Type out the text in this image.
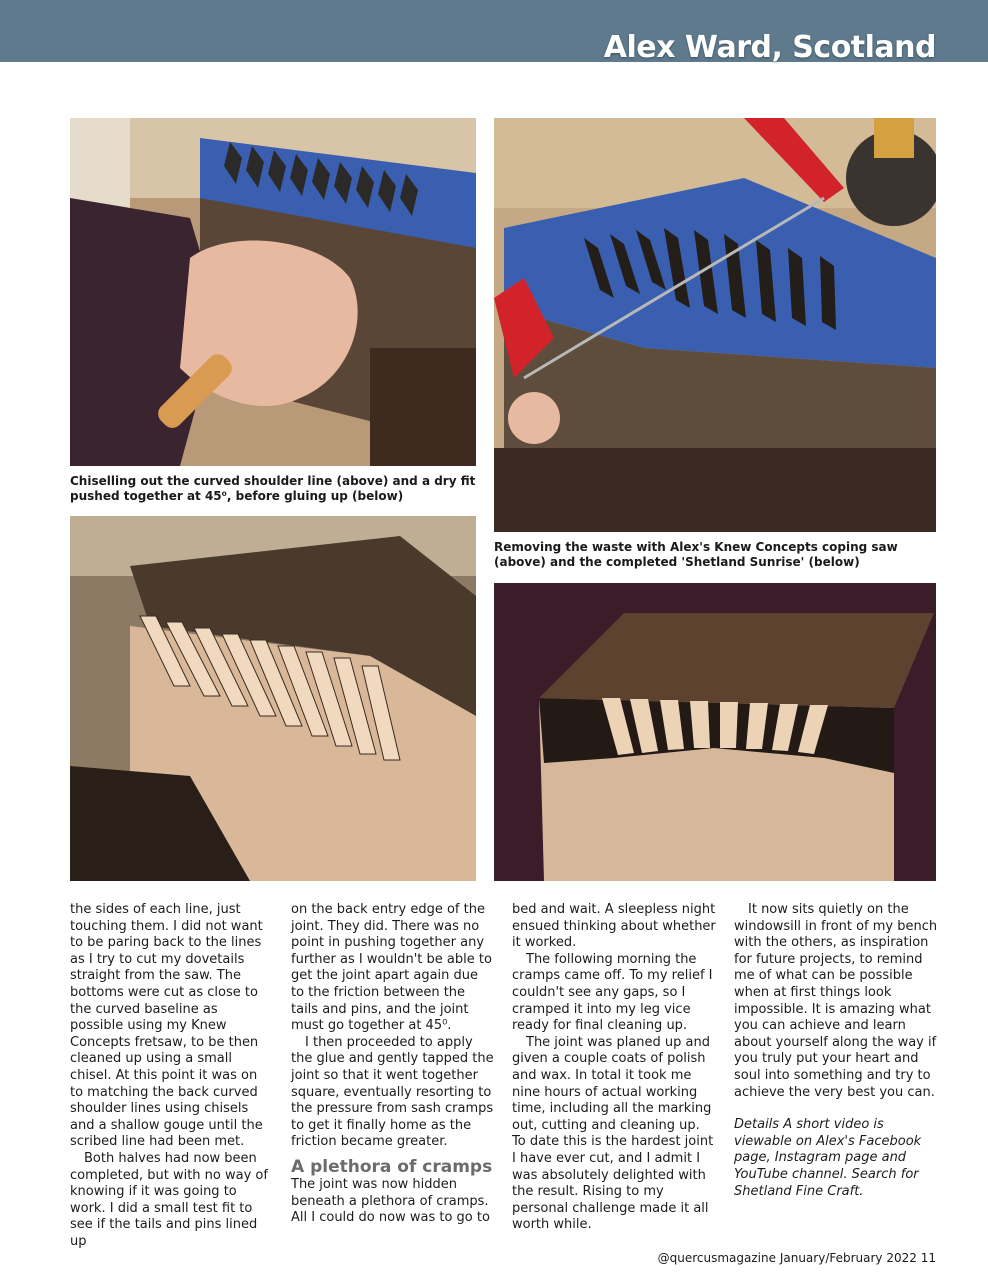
Alex Ward, Scotland
Chiselling out the curved shoulder line (above) and a dry fit pushed together at 45⁰, before gluing up (below)
Removing the waste with Alex's Knew Concepts coping saw (above) and the completed 'Shetland Sunrise' (below)

the sides of each line, just touching them. I did not want to be paring back to the lines as I try to cut my dovetails straight from the saw. The bottoms were cut as close to the curved baseline as possible using my Knew Concepts fretsaw, to be then cleaned up using a small chisel. At this point it was on to matching the back curved shoulder lines using chisels and a shallow gouge until the scribed line had been met.

Both halves had now been completed, but with no way of knowing if it was going to work. I did a small test fit to see if the tails and pins lined up

on the back entry edge of the joint. They did. There was no point in pushing together any further as I wouldn't be able to get the joint apart again due to the friction between the tails and pins, and the joint must go together at 45⁰.

I then proceeded to apply the glue and gently tapped the joint so that it went together square, eventually resorting to the pressure from sash cramps to get it finally home as the friction became greater.

A plethora of cramps

The joint was now hidden beneath a plethora of cramps. All I could do now was to go to

bed and wait. A sleepless night ensued thinking about whether it worked.

The following morning the cramps came off. To my relief I couldn't see any gaps, so I cramped it into my leg vice ready for final cleaning up.

The joint was planed up and given a couple coats of polish and wax. In total it took me nine hours of actual working time, including all the marking out, cutting and cleaning up. To date this is the hardest joint I have ever cut, and I admit I was absolutely delighted with the result. Rising to my personal challenge made it all worth while.

It now sits quietly on the windowsill in front of my bench with the others, as inspiration for future projects, to remind me of what can be possible when at first things look impossible. It is amazing what you can achieve and learn about yourself along the way if you truly put your heart and soul into something and try to achieve the very best you can.

Details A short video is viewable on Alex's Facebook page, Instagram page and YouTube channel. Search for Shetland Fine Craft.

@quercusmagazine January/February 2022 11
